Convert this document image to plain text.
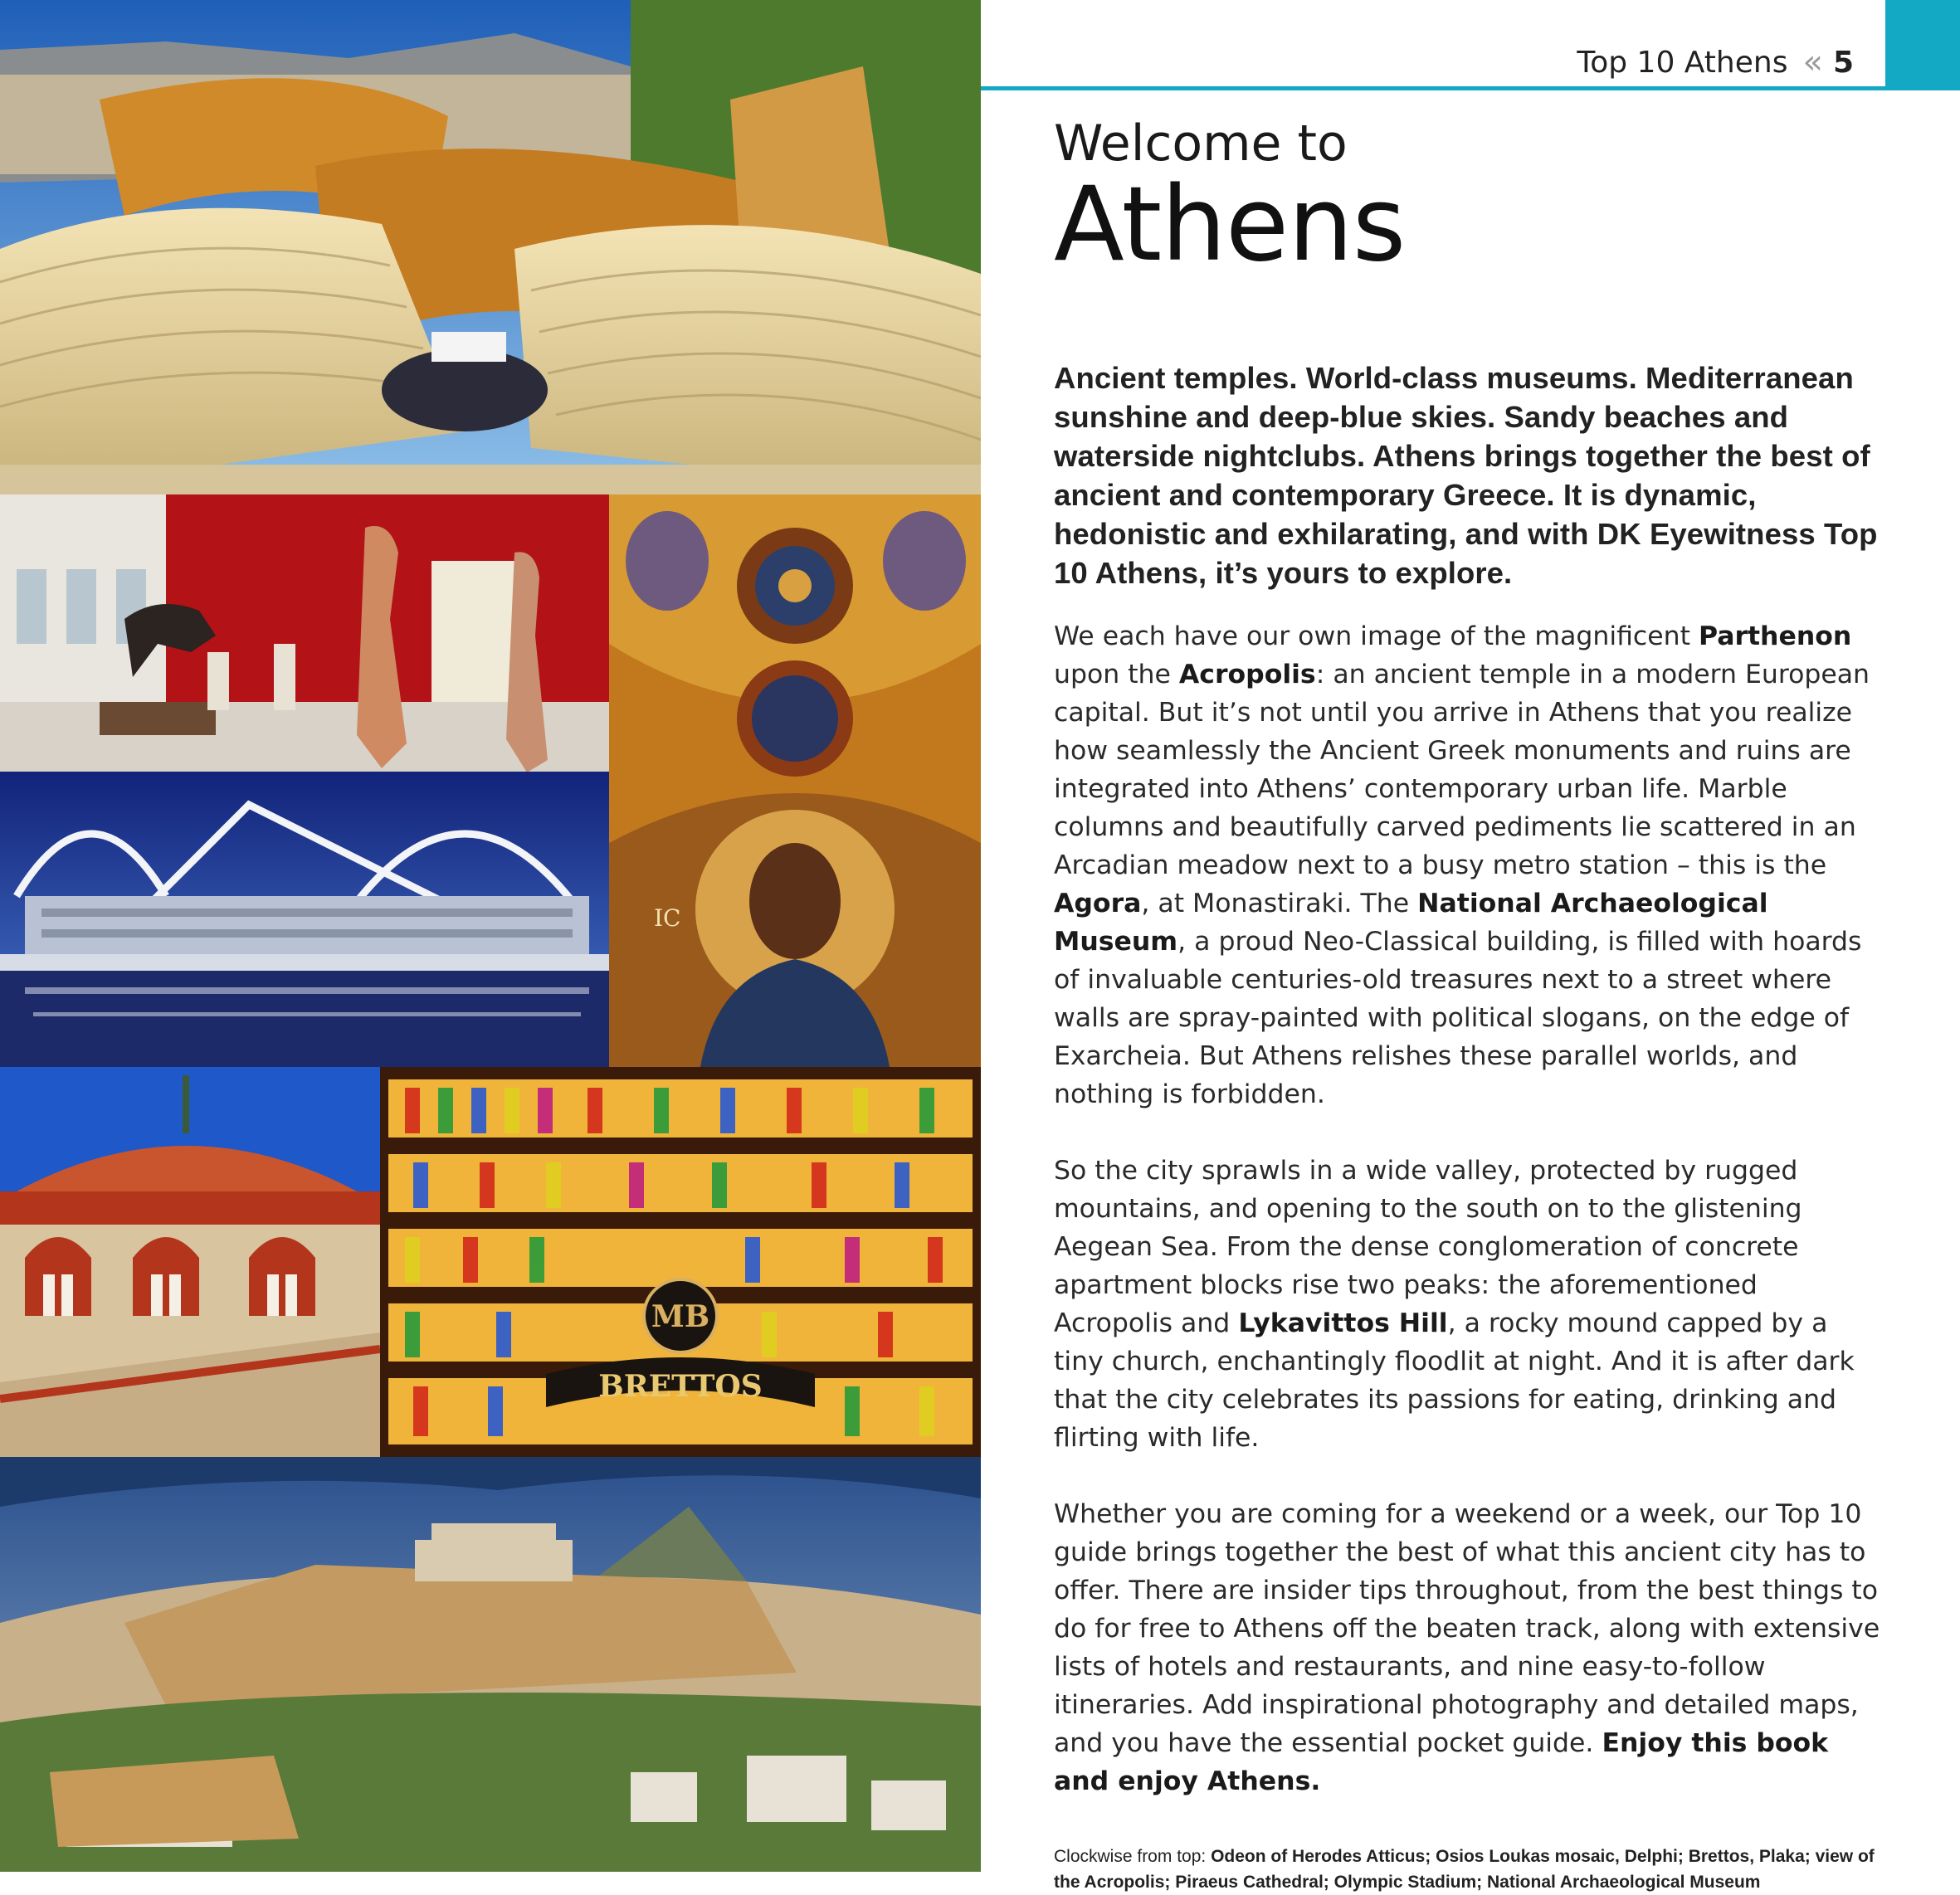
IC
MB
BRETTOS
Top 10 Athens « 5
Welcome to
Athens

Ancient temples. World-class museums. Mediterranean sunshine and deep-blue skies. Sandy beaches and waterside nightclubs. Athens brings together the best of ancient and contemporary Greece. It is dynamic, hedonistic and exhilarating, and with DK Eyewitness Top 10 Athens, it’s yours to explore.

We each have our own image of the magnificent Parthenon upon the Acropolis: an ancient temple in a modern European capital. But it’s not until you arrive in Athens that you realize how seamlessly the Ancient Greek monuments and ruins are integrated into Athens’ contemporary urban life. Marble columns and beautifully carved pediments lie scattered in an Arcadian meadow next to a busy metro station – this is the Agora, at Monastiraki. The National Archaeological Museum, a proud Neo-Classical building, is filled with hoards of invaluable centuries-old treasures next to a street where walls are spray-painted with political slogans, on the edge of Exarcheia. But Athens relishes these parallel worlds, and nothing is forbidden.

So the city sprawls in a wide valley, protected by rugged mountains, and opening to the south on to the glistening Aegean Sea. From the dense conglomeration of concrete apartment blocks rise two peaks: the aforementioned Acropolis and Lykavittos Hill, a rocky mound capped by a tiny church, enchantingly floodlit at night. And it is after dark that the city celebrates its passions for eating, drinking and flirting with life.

Whether you are coming for a weekend or a week, our Top 10 guide brings together the best of what this ancient city has to offer. There are insider tips throughout, from the best things to do for free to Athens off the beaten track, along with extensive lists of hotels and restaurants, and nine easy-to-follow itineraries. Add inspirational photography and detailed maps, and you have the essential pocket guide. Enjoy this book and enjoy Athens.

Clockwise from top: Odeon of Herodes Atticus; Osios Loukas mosaic, Delphi; Brettos, Plaka; view of the Acropolis; Piraeus Cathedral; Olympic Stadium; National Archaeological Museum
